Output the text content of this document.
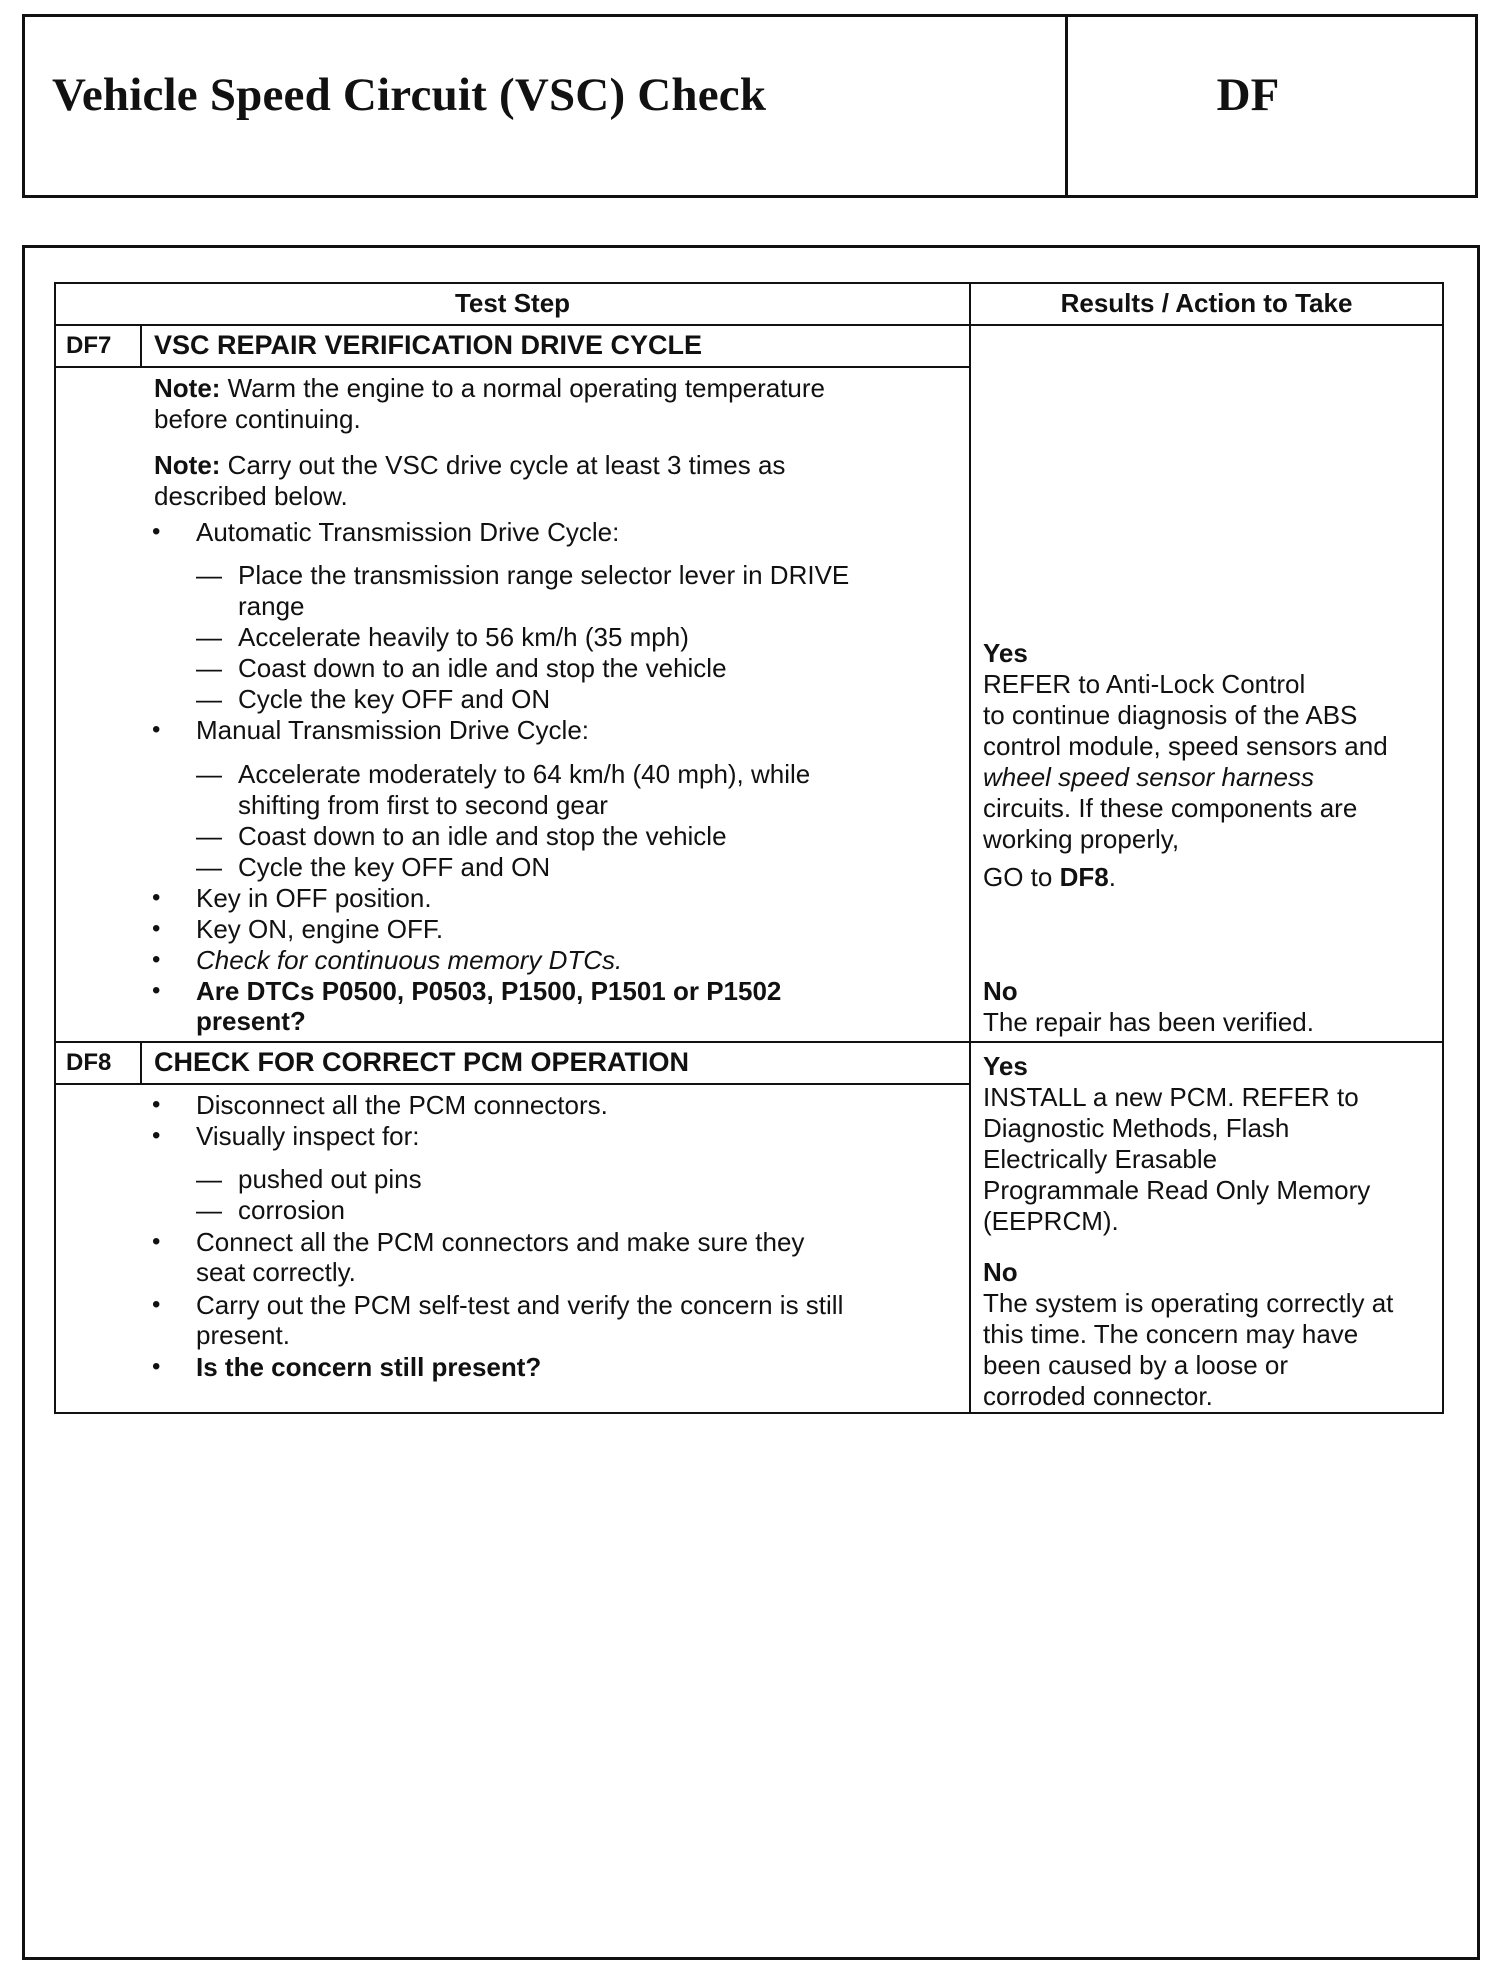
Vehicle Speed Circuit (VSC) Check	DF
Test Step	Results / Action to Take
DF7 VSC REPAIR VERIFICATION DRIVE CYCLE
Note: Warm the engine to a normal operating temperature
before continuing.
Note: Carry out the VSC drive cycle at least 3 times as
described below.
• Automatic Transmission Drive Cycle:
— Place the transmission range selector lever in DRIVE
range
— Accelerate heavily to 56 km/h (35 mph)
— Coast down to an idle and stop the vehicle
— Cycle the key OFF and ON
• Manual Transmission Drive Cycle:
— Accelerate moderately to 64 km/h (40 mph), while
shifting from first to second gear
— Coast down to an idle and stop the vehicle
— Cycle the key OFF and ON
• Key in OFF position.
• Key ON, engine OFF.
• Check for continuous memory DTCs.
• Are DTCs P0500, P0503, P1500, P1501 or P1502
present?
Yes
REFER to Anti-Lock Control
to continue diagnosis of the ABS
control module, speed sensors and
wheel speed sensor harness
circuits. If these components are
working properly,
GO to DF8.
No
The repair has been verified.
DF8 CHECK FOR CORRECT PCM OPERATION
• Disconnect all the PCM connectors.
• Visually inspect for:
— pushed out pins
— corrosion
• Connect all the PCM connectors and make sure they
seat correctly.
• Carry out the PCM self-test and verify the concern is still
present.
• Is the concern still present?
Yes
INSTALL a new PCM. REFER to
Diagnostic Methods, Flash
Electrically Erasable
Programmale Read Only Memory
(EEPRCM).
No
The system is operating correctly at
this time. The concern may have
been caused by a loose or
corroded connector.
